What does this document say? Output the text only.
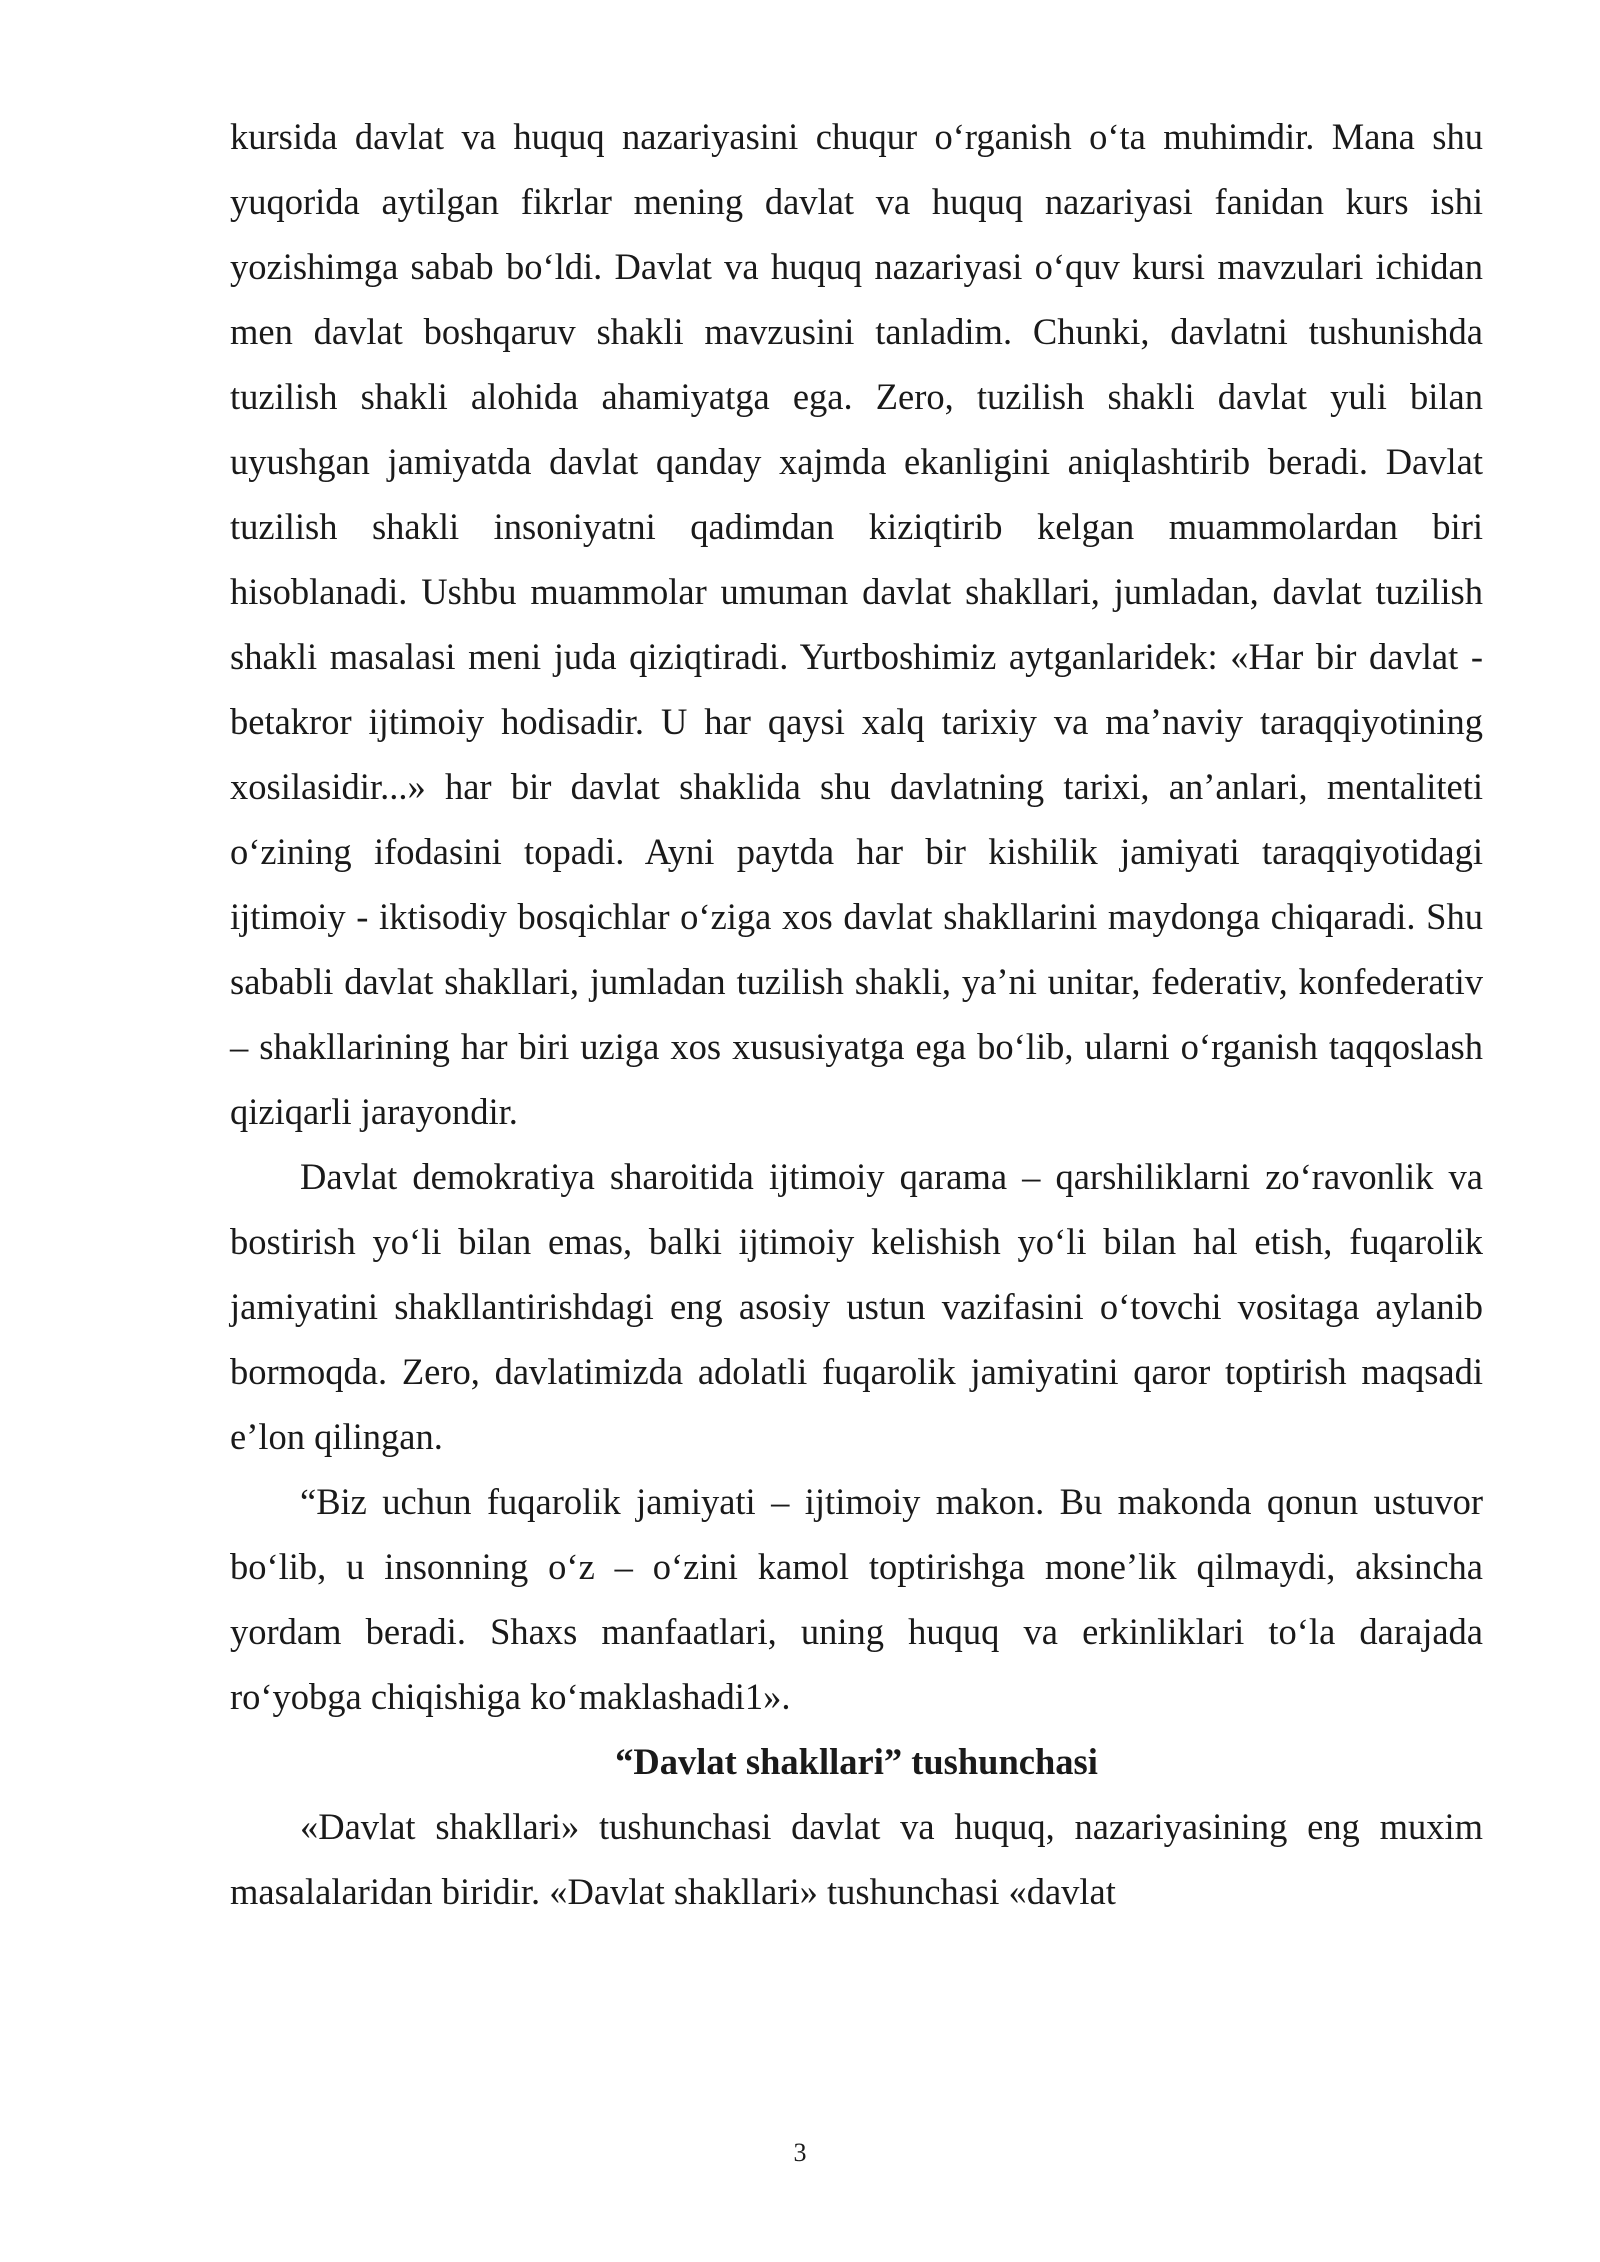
kursida davlat va huquq nazariyasini chuqur o‘rganish o‘ta muhimdir. Mana shu yuqorida aytilgan fikrlar mening davlat va huquq nazariyasi fanidan kurs ishi yozishimga sabab bo‘ldi. Davlat va huquq nazariyasi o‘quv kursi mavzulari ichidan men davlat boshqaruv shakli mavzusini tanladim. Chunki, davlatni tushunishda tuzilish shakli alohida ahamiyatga ega. Zero, tuzilish shakli davlat yuli bilan uyushgan jamiyatda davlat qanday xajmda ekanligini aniqlashtirib beradi. Davlat tuzilish shakli insoniyatni qadimdan kiziqtirib kelgan muammolardan biri hisoblanadi. Ushbu muammolar umuman davlat shakllari, jumladan, davlat tuzilish shakli masalasi meni juda qiziqtiradi. Yurtboshimiz aytganlaridek: «Har bir davlat - betakror ijtimoiy hodisadir. U har qaysi xalq tarixiy va ma’naviy taraqqiyotining xosilasidir...» har bir davlat shaklida shu davlatning tarixi, an’anlari, mentaliteti o‘zining ifodasini topadi. Ayni paytda har bir kishilik jamiyati taraqqiyotidagi ijtimoiy - iktisodiy bosqichlar o‘ziga xos davlat shakllarini maydonga chiqaradi. Shu sababli davlat shakllari, jumladan tuzilish shakli, ya’ni unitar, federativ, konfederativ – shakllarining har biri uziga xos xususiyatga ega bo‘lib, ularni o‘rganish taqqoslash qiziqarli jarayondir.

Davlat demokratiya sharoitida ijtimoiy qarama – qarshiliklarni zo‘ravonlik va bostirish yo‘li bilan emas, balki ijtimoiy kelishish yo‘li bilan hal etish, fuqarolik jamiyatini shakllantirishdagi eng asosiy ustun vazifasini o‘tovchi vositaga aylanib bormoqda. Zero, davlatimizda adolatli fuqarolik jamiyatini qaror toptirish maqsadi e’lon qilingan.

“Biz uchun fuqarolik jamiyati – ijtimoiy makon. Bu makonda qonun ustuvor bo‘lib, u insonning o‘z – o‘zini kamol toptirishga mone’lik qilmaydi, aksincha yordam beradi. Shaxs manfaatlari, uning huquq va erkinliklari to‘la darajada ro‘yobga chiqishiga ko‘maklashadi1».

“Davlat shakllari” tushunchasi

«Davlat shakllari» tushunchasi davlat va huquq, nazariyasining eng muxim masalalaridan biridir. «Davlat shakllari» tushunchasi «davlat

3
